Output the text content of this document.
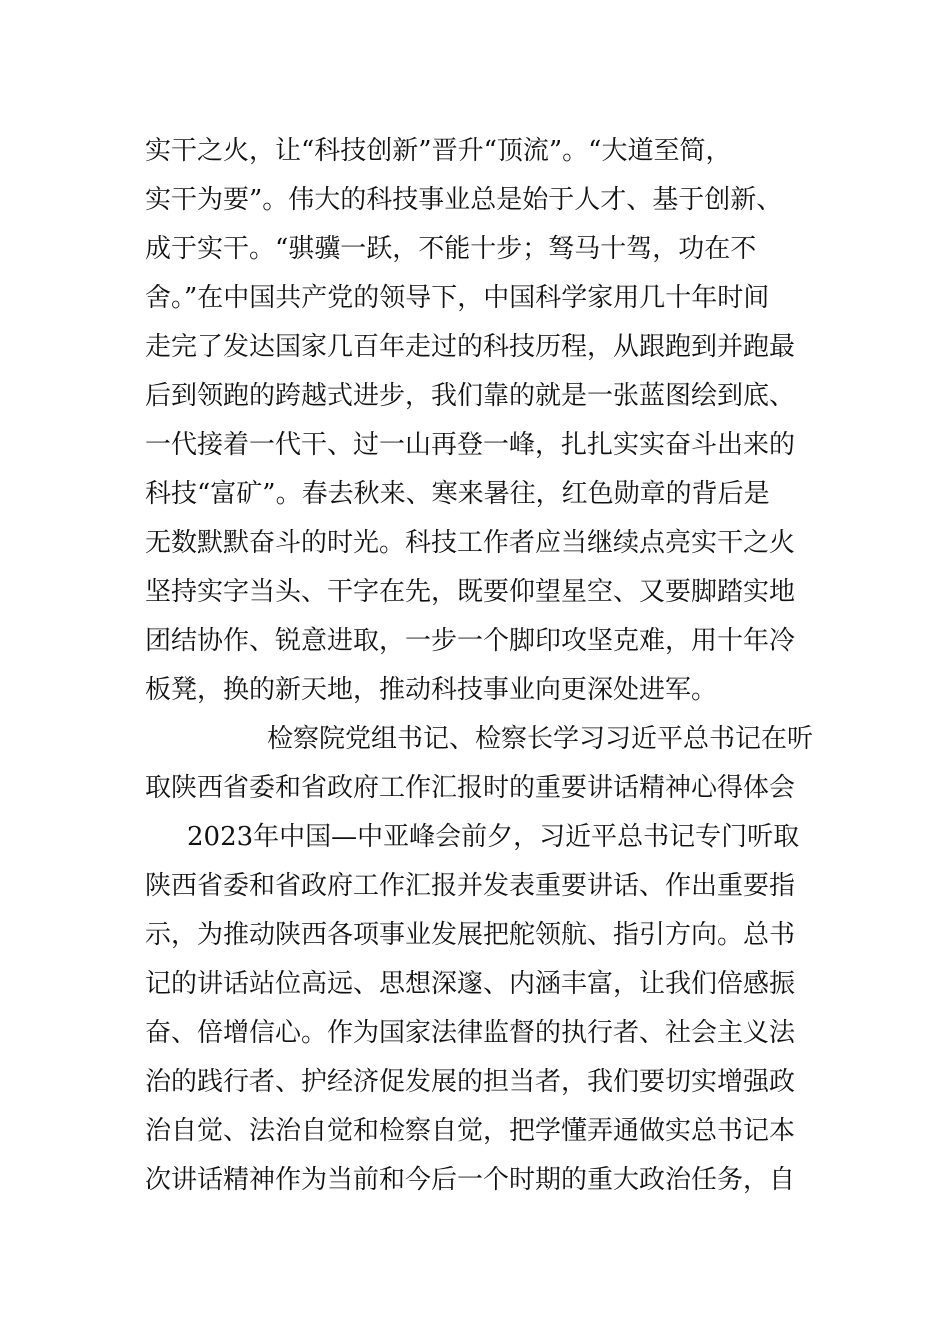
实干之火，让“科技创新”晋升“顶流”。“大道至简，
实干为要”。伟大的科技事业总是始于人才、基于创新、
成于实干。“骐骥一跃，不能十步；驽马十驾，功在不
舍。”在中国共产党的领导下，中国科学家用几十年时间
走完了发达国家几百年走过的科技历程，从跟跑到并跑最
后到领跑的跨越式进步，我们靠的就是一张蓝图绘到底、
一代接着一代干、过一山再登一峰，扎扎实实奋斗出来的
科技“富矿”。春去秋来、寒来暑往，红色勋章的背后是
无数默默奋斗的时光。科技工作者应当继续点亮实干之火
坚持实字当头、干字在先，既要仰望星空、又要脚踏实地
团结协作、锐意进取，一步一个脚印攻坚克难，用十年冷
板凳，换的新天地，推动科技事业向更深处进军。
检察院党组书记、检察长学习习近平总书记在听
取陕西省委和省政府工作汇报时的重要讲话精神心得体会
2023年中国—中亚峰会前夕，习近平总书记专门听取
陕西省委和省政府工作汇报并发表重要讲话、作出重要指
示，为推动陕西各项事业发展把舵领航、指引方向。总书
记的讲话站位高远、思想深邃、内涵丰富，让我们倍感振
奋、倍增信心。作为国家法律监督的执行者、社会主义法
治的践行者、护经济促发展的担当者，我们要切实增强政
治自觉、法治自觉和检察自觉，把学懂弄通做实总书记本
次讲话精神作为当前和今后一个时期的重大政治任务，自
